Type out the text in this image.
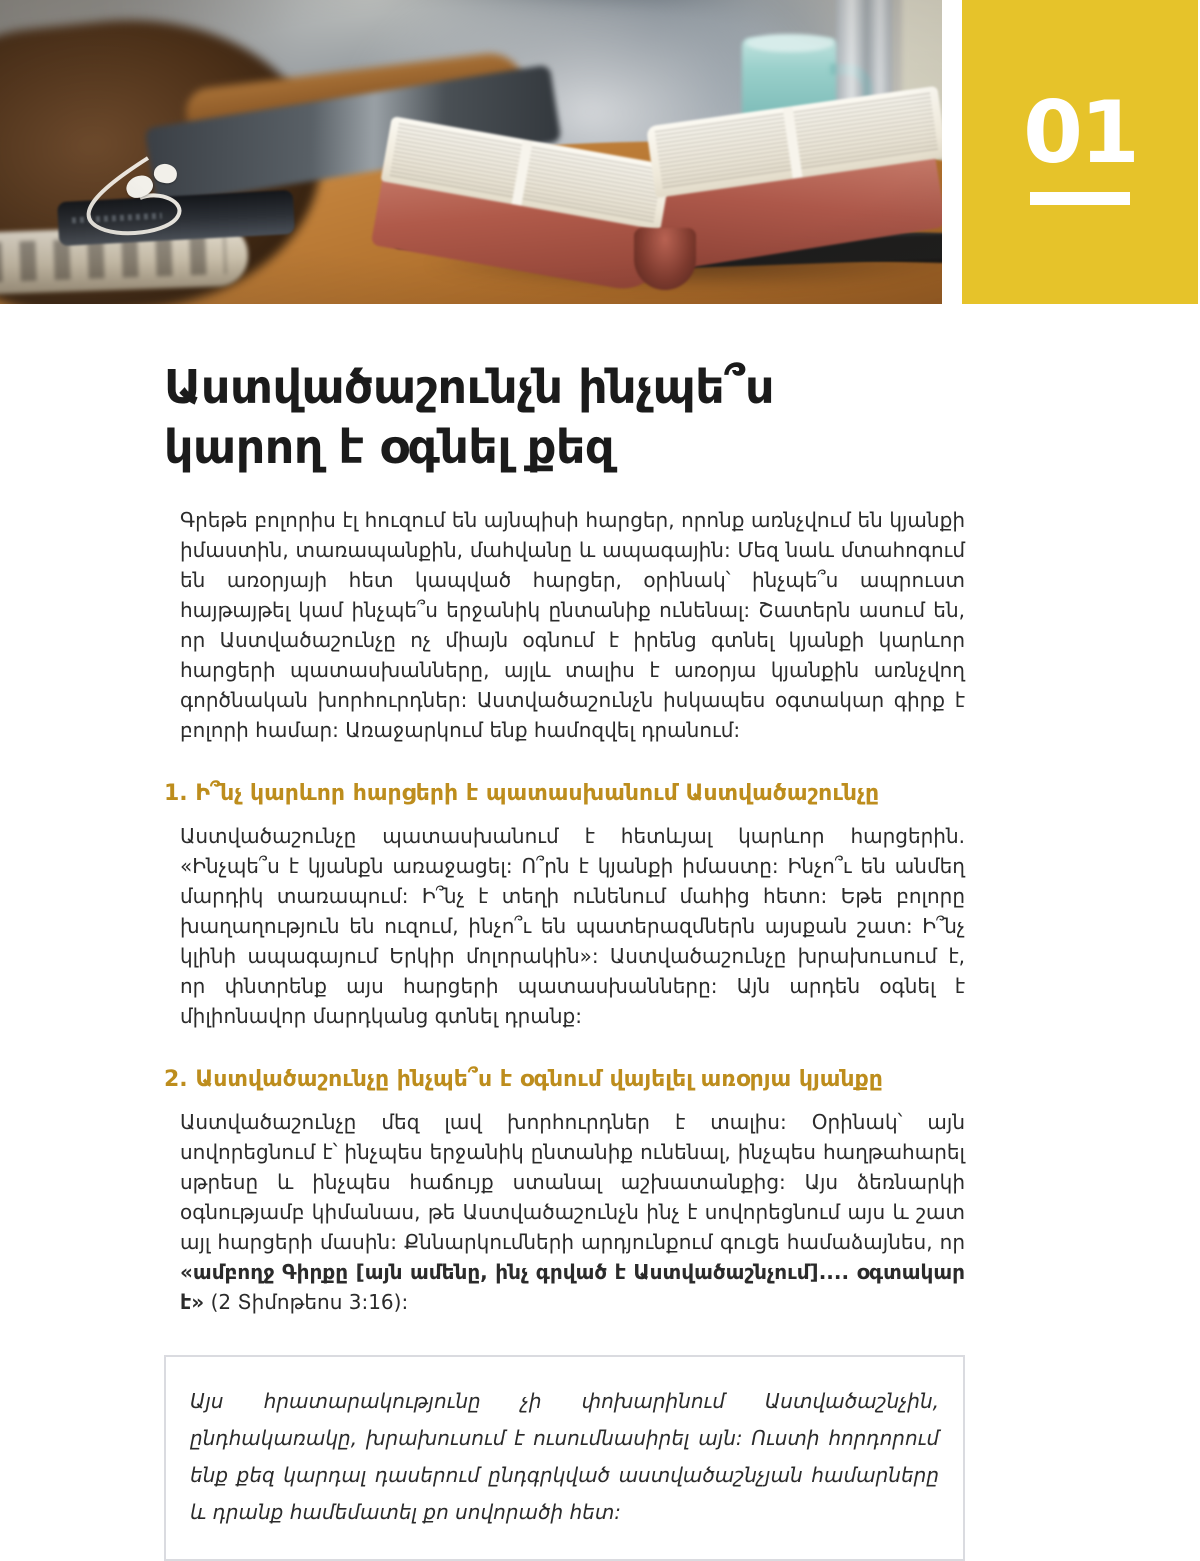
01
Աստվածաշունչն ինչպե՞ս կարող է օգնել քեզ

Գրեթե բոլորիս էլ հուզում են այնպիսի հարցեր, որոնք առնչվում են կյանքի իմաստին, տառապանքին, մահվանը և ապագային: Մեզ նաև մտահոգում են առօրյայի հետ կապված հարցեր, օրինակ՝ ինչպե՞ս ապրուստ հայթայթել կամ ինչպե՞ս երջանիկ ընտանիք ունենալ: Շատերն ասում են, որ Աստվածաշունչը ոչ միայն օգնում է իրենց գտնել կյանքի կարևոր հարցերի պատասխանները, այլև տալիս է առօրյա կյանքին առնչվող գործնական խորհուրդներ: Աստվածաշունչն իսկապես օգտակար գիրք է բոլորի համար: Առաջարկում ենք համոզվել դրանում:

1. Ի՞նչ կարևոր հարցերի է պատասխանում Աստվածաշունչը

Աստվածաշունչը պատասխանում է հետևյալ կարևոր հարցերին. «Ինչպե՞ս է կյանքն առաջացել: Ո՞րն է կյանքի իմաստը: Ինչո՞ւ են անմեղ մարդիկ տառապում: Ի՞նչ է տեղի ունենում մահից հետո: Եթե բոլորը խաղաղություն են ուզում, ինչո՞ւ են պատերազմներն այսքան շատ: Ի՞նչ կլինի ապագայում Երկիր մոլորակին»: Աստվածաշունչը խրախուսում է, որ փնտրենք այս հարցերի պատասխանները: Այն արդեն օգնել է միլիոնավոր մարդկանց գտնել դրանք:

2. Աստվածաշունչը ինչպե՞ս է օգնում վայելել առօրյա կյանքը

Աստվածաշունչը մեզ լավ խորհուրդներ է տալիս: Օրինակ՝ այն սովորեցնում է՝ ինչպես երջանիկ ընտանիք ունենալ, ինչպես հաղթահարել սթրեսը և ինչպես հաճույք ստանալ աշխատանքից: Այս ձեռնարկի օգնությամբ կիմանաս, թե Աստվածաշունչն ինչ է սովորեցնում այս և շատ այլ հարցերի մասին: Քննարկումների արդյունքում գուցե համաձայնես, որ «ամբողջ Գիրքը [այն ամենը, ինչ գրված է Աստվածաշնչում].... օգտակար է» (2 Տիմոթեոս 3:16):

Այս հրատարակությունը չի փոխարինում Աստվածաշնչին, ընդհակառակը, խրախուսում է ուսումնասիրել այն: Ուստի հորդորում ենք քեզ կարդալ դասերում ընդգրկված աստվածաշնչյան համարները և դրանք համեմատել քո սովորածի հետ:
